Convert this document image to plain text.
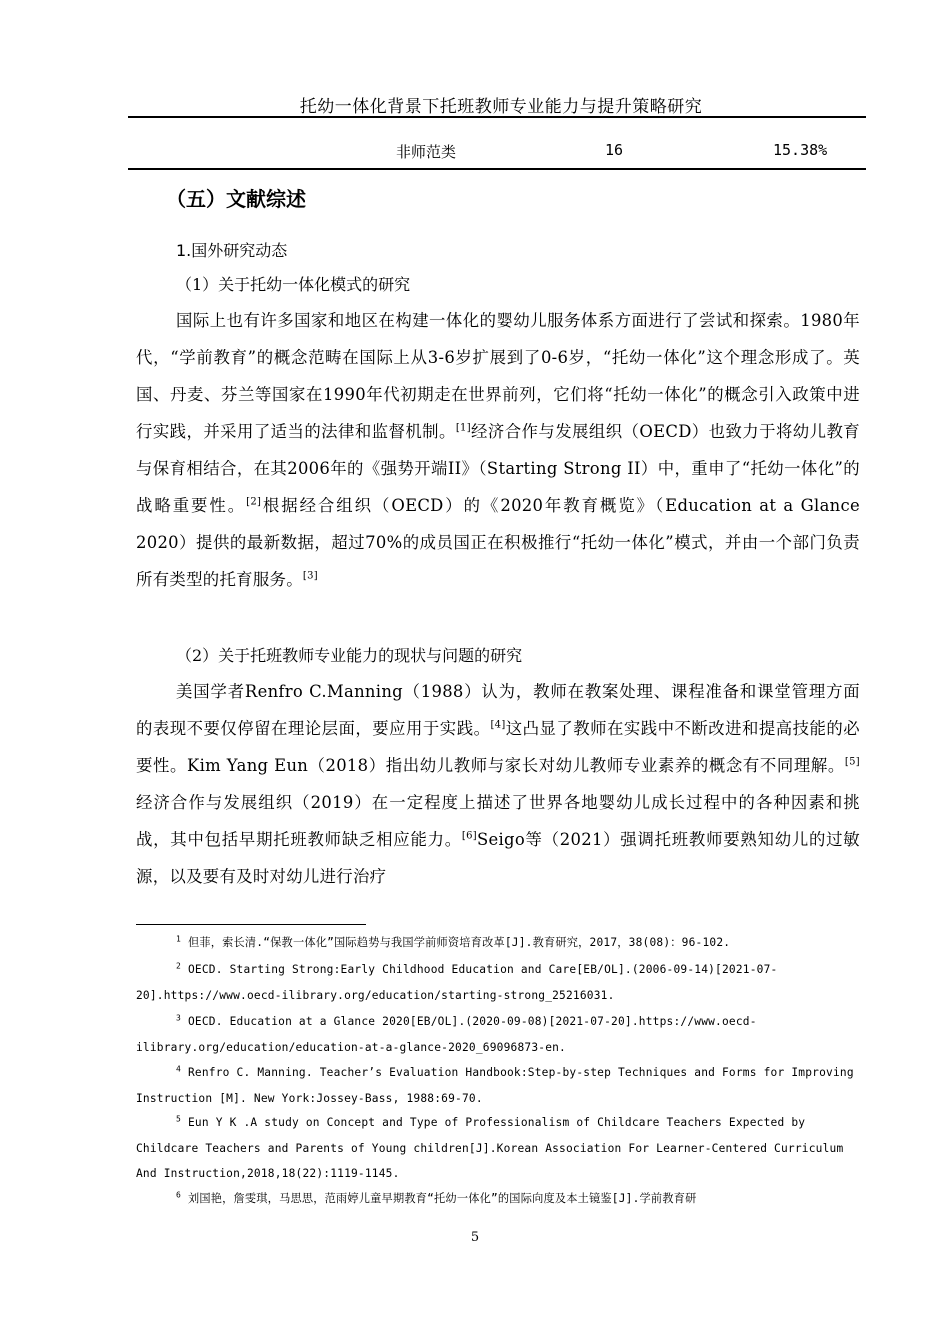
托幼一体化背景下托班教师专业能力与提升策略研究
非师范类	16	15.38%
（五）文献综述
1.国外研究动态
（1）关于托幼一体化模式的研究
国际上也有许多国家和地区在构建一体化的婴幼儿服务体系方面进行了尝试和探索。1980年代，“学前教育”的概念范畴在国际上从3-6岁扩展到了0-6岁，“托幼一体化”这个理念形成了。英国、丹麦、芬兰等国家在1990年代初期走在世界前列，它们将“托幼一体化”的概念引入政策中进行实践，并采用了适当的法律和监督机制。[1]经济合作与发展组织（OECD）也致力于将幼儿教育与保育相结合，在其2006年的《强势开端II》（Starting Strong II）中，重申了“托幼一体化”的战略重要性。[2]根据经合组织（OECD）的《2020年教育概览》（Education at a Glance 2020）提供的最新数据，超过70%的成员国正在积极推行“托幼一体化”模式，并由一个部门负责所有类型的托育服务。[3]
（2）关于托班教师专业能力的现状与问题的研究
美国学者Renfro C.Manning（1988）认为，教师在教案处理、课程准备和课堂管理方面的表现不要仅停留在理论层面，要应用于实践。[4]这凸显了教师在实践中不断改进和提高技能的必要性。Kim Yang Eun（2018）指出幼儿教师与家长对幼儿教师专业素养的概念有不同理解。[5]经济合作与发展组织（2019）在一定程度上描述了世界各地婴幼儿成长过程中的各种因素和挑战，其中包括早期托班教师缺乏相应能力。[6]Seigo等（2021）强调托班教师要熟知幼儿的过敏源，以及要有及时对幼儿进行治疗
$^1$ 但菲，索长清.“保教一体化”国际趋势与我国学前师资培育改革[J].教育研究，2017，38(08)：96-102.
$^2$ OECD. Starting Strong:Early Childhood Education and Care[EB/OL].(2006-09-14)[2021-07-20].https://www.oecd-ilibrary.org/education/starting-strong_25216031.
$^3$ OECD. Education at a Glance 2020[EB/OL].(2020-09-08)[2021-07-20].https://www.oecd-ilibrary.org/education/education-at-a-glance-2020_69096873-en.
$^4$ Renfro C. Manning. Teacher’s Evaluation Handbook:Step-by-step Techniques and Forms for Improving Instruction [M]. New York:Jossey-Bass, 1988:69-70.
$^5$ Eun Y K .A study on Concept and Type of Professionalism of Childcare Teachers Expected by Childcare Teachers and Parents of Young children[J].Korean Association For Learner-Centered Curriculum And Instruction,2018,18(22):1119-1145.
$^6$ 刘国艳，詹雯琪，马思思，范雨婷儿童早期教育“托幼一体化”的国际向度及本土镜鉴[J].学前教育研
5
